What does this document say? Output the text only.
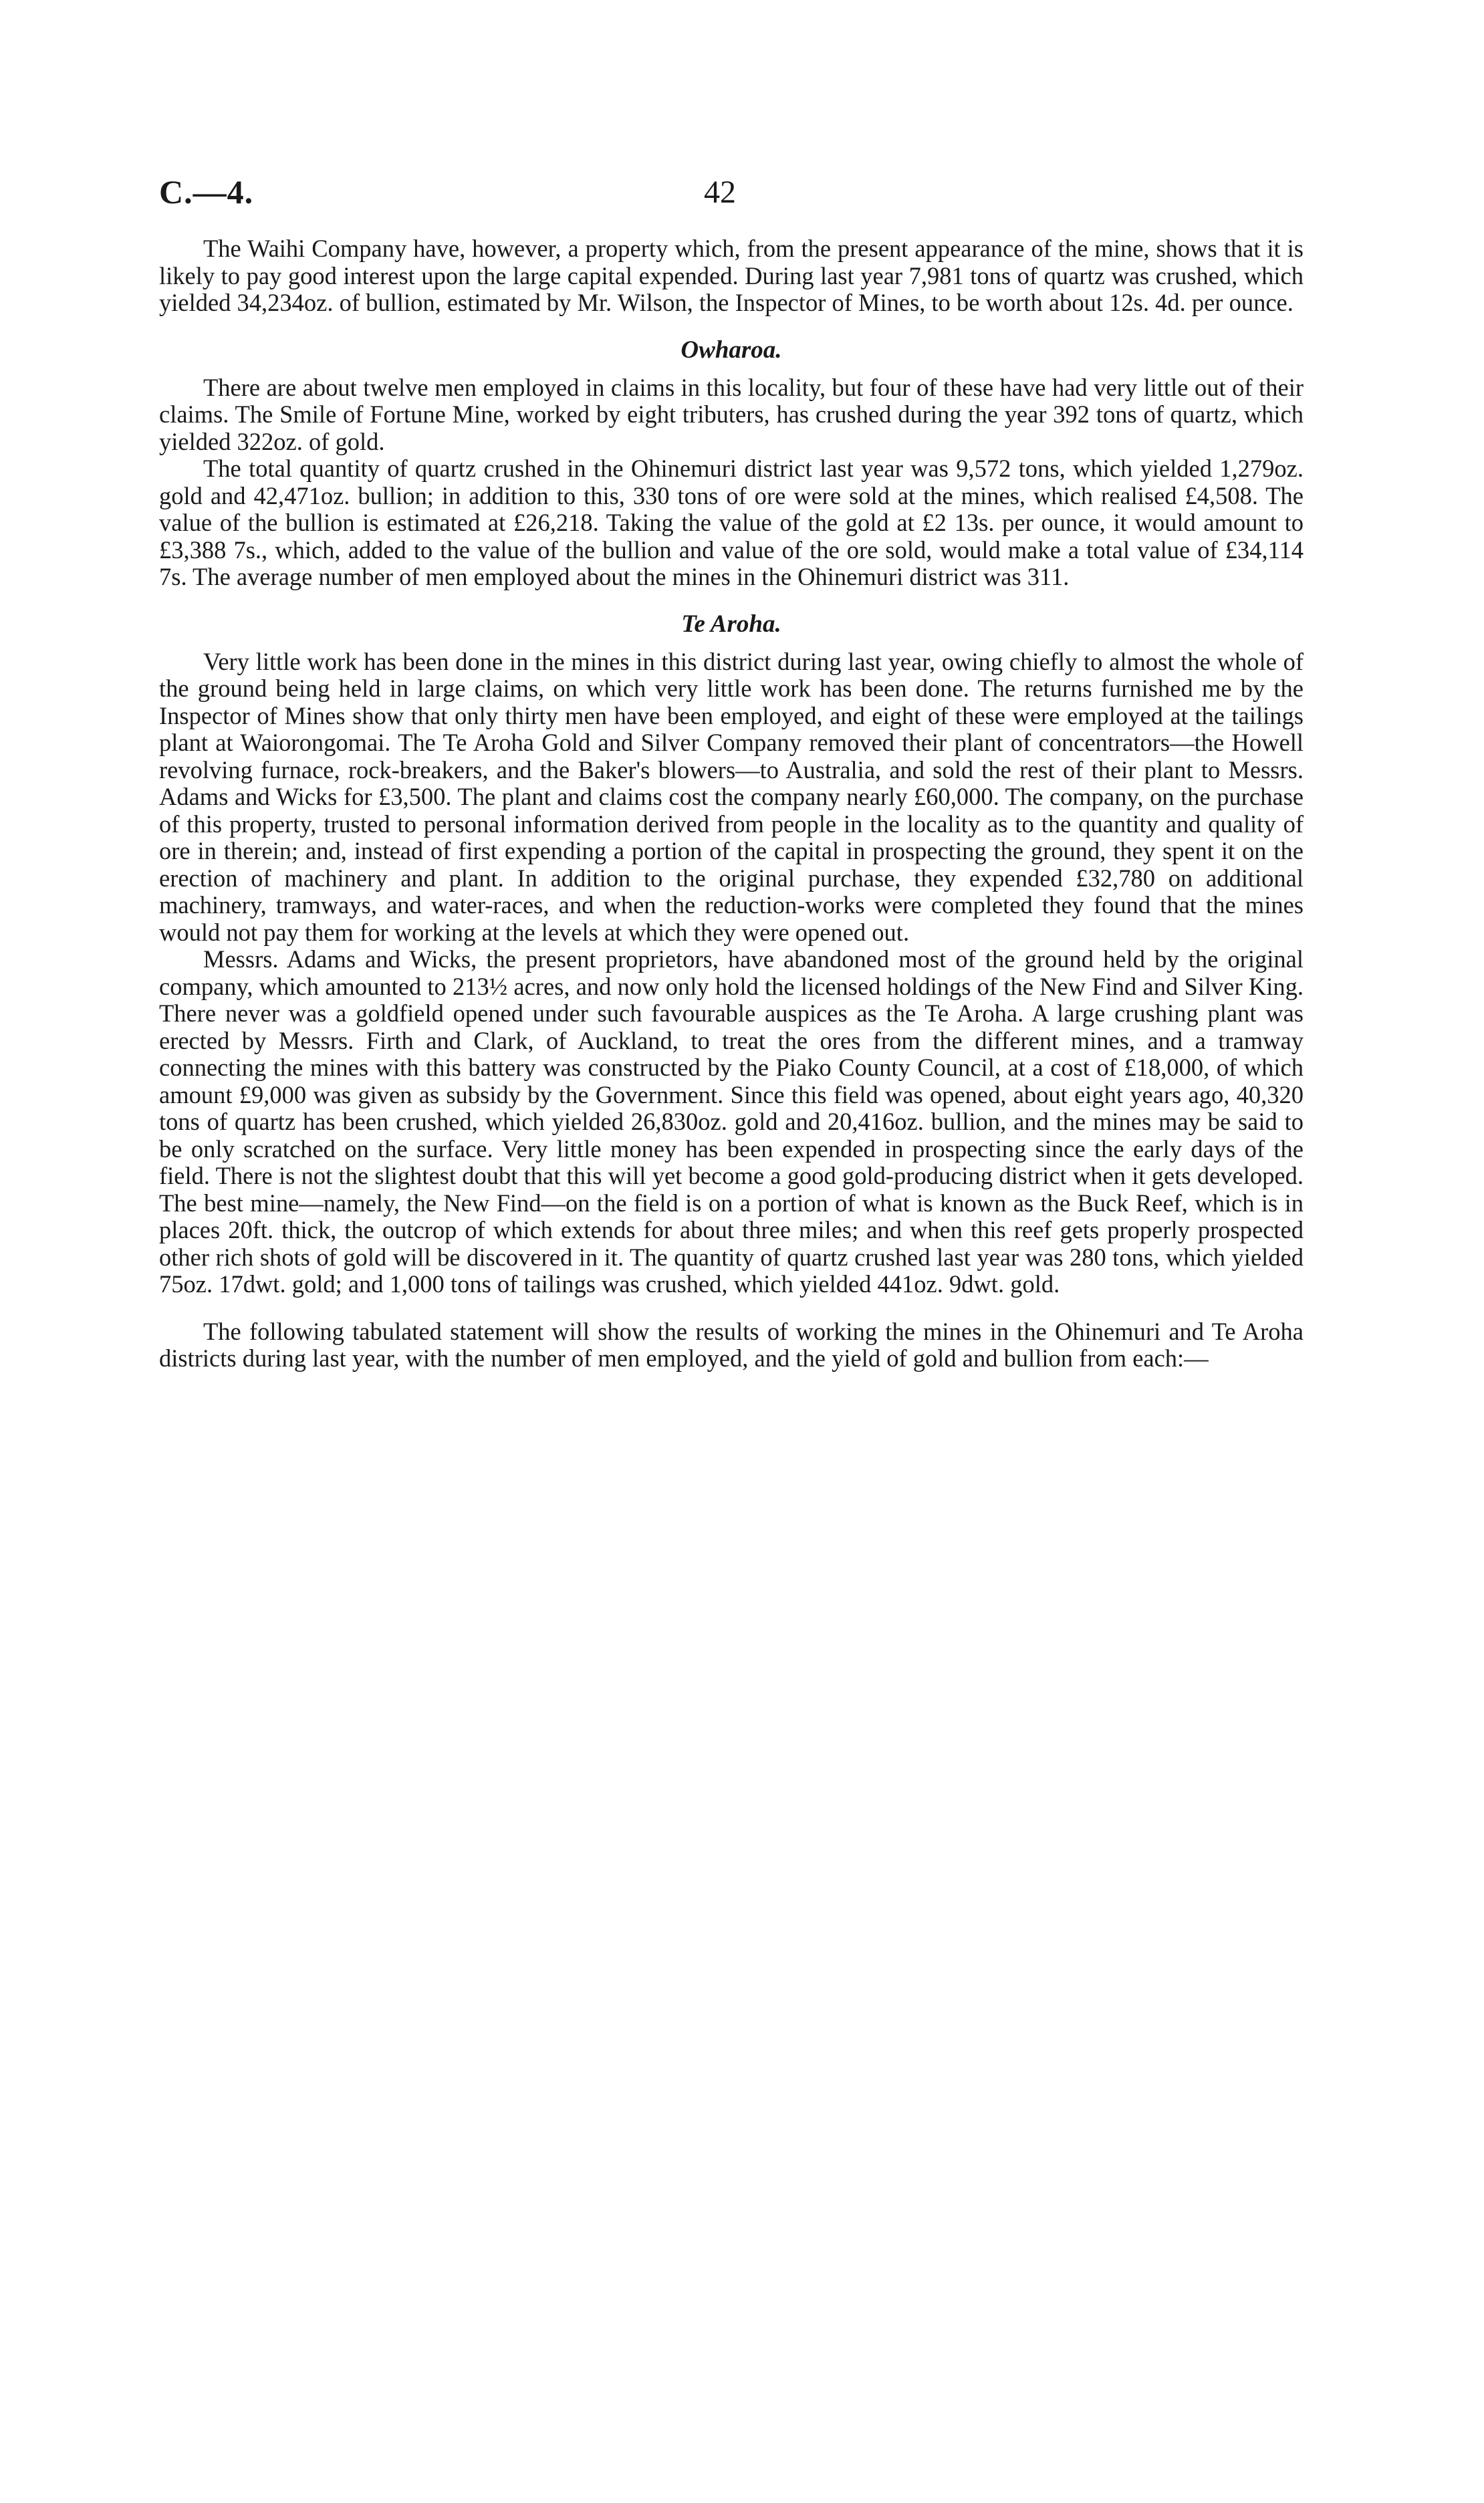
C.—4.	42

The Waihi Company have, however, a property which, from the present appearance of the mine, shows that it is likely to pay good interest upon the large capital expended. During last year 7,981 tons of quartz was crushed, which yielded 34,234oz. of bullion, estimated by Mr. Wilson, the Inspector of Mines, to be worth about 12s. 4d. per ounce.

Owharoa.

There are about twelve men employed in claims in this locality, but four of these have had very little out of their claims. The Smile of Fortune Mine, worked by eight tributers, has crushed during the year 392 tons of quartz, which yielded 322oz. of gold.

The total quantity of quartz crushed in the Ohinemuri district last year was 9,572 tons, which yielded 1,279oz. gold and 42,471oz. bullion; in addition to this, 330 tons of ore were sold at the mines, which realised £4,508. The value of the bullion is estimated at £26,218. Taking the value of the gold at £2 13s. per ounce, it would amount to £3,388 7s., which, added to the value of the bullion and value of the ore sold, would make a total value of £34,114 7s. The average number of men employed about the mines in the Ohinemuri district was 311.

Te Aroha.

Very little work has been done in the mines in this district during last year, owing chiefly to almost the whole of the ground being held in large claims, on which very little work has been done. The returns furnished me by the Inspector of Mines show that only thirty men have been employed, and eight of these were employed at the tailings plant at Waiorongomai. The Te Aroha Gold and Silver Company removed their plant of concentrators—the Howell revolving furnace, rock-breakers, and the Baker's blowers—to Australia, and sold the rest of their plant to Messrs. Adams and Wicks for £3,500. The plant and claims cost the company nearly £60,000. The company, on the purchase of this property, trusted to personal information derived from people in the locality as to the quantity and quality of ore in therein; and, instead of first expending a portion of the capital in prospecting the ground, they spent it on the erection of machinery and plant. In addition to the original purchase, they expended £32,780 on additional machinery, tramways, and water-races, and when the reduction-works were completed they found that the mines would not pay them for working at the levels at which they were opened out.

Messrs. Adams and Wicks, the present proprietors, have abandoned most of the ground held by the original company, which amounted to 213½ acres, and now only hold the licensed holdings of the New Find and Silver King. There never was a goldfield opened under such favourable auspices as the Te Aroha. A large crushing plant was erected by Messrs. Firth and Clark, of Auckland, to treat the ores from the different mines, and a tramway connecting the mines with this battery was constructed by the Piako County Council, at a cost of £18,000, of which amount £9,000 was given as subsidy by the Government. Since this field was opened, about eight years ago, 40,320 tons of quartz has been crushed, which yielded 26,830oz. gold and 20,416oz. bullion, and the mines may be said to be only scratched on the surface. Very little money has been expended in prospecting since the early days of the field. There is not the slightest doubt that this will yet become a good gold-producing district when it gets developed. The best mine—namely, the New Find—on the field is on a portion of what is known as the Buck Reef, which is in places 20ft. thick, the outcrop of which extends for about three miles; and when this reef gets properly prospected other rich shots of gold will be discovered in it. The quantity of quartz crushed last year was 280 tons, which yielded 75oz. 17dwt. gold; and 1,000 tons of tailings was crushed, which yielded 441oz. 9dwt. gold.

The following tabulated statement will show the results of working the mines in the Ohinemuri and Te Aroha districts during last year, with the number of men employed, and the yield of gold and bullion from each:—
